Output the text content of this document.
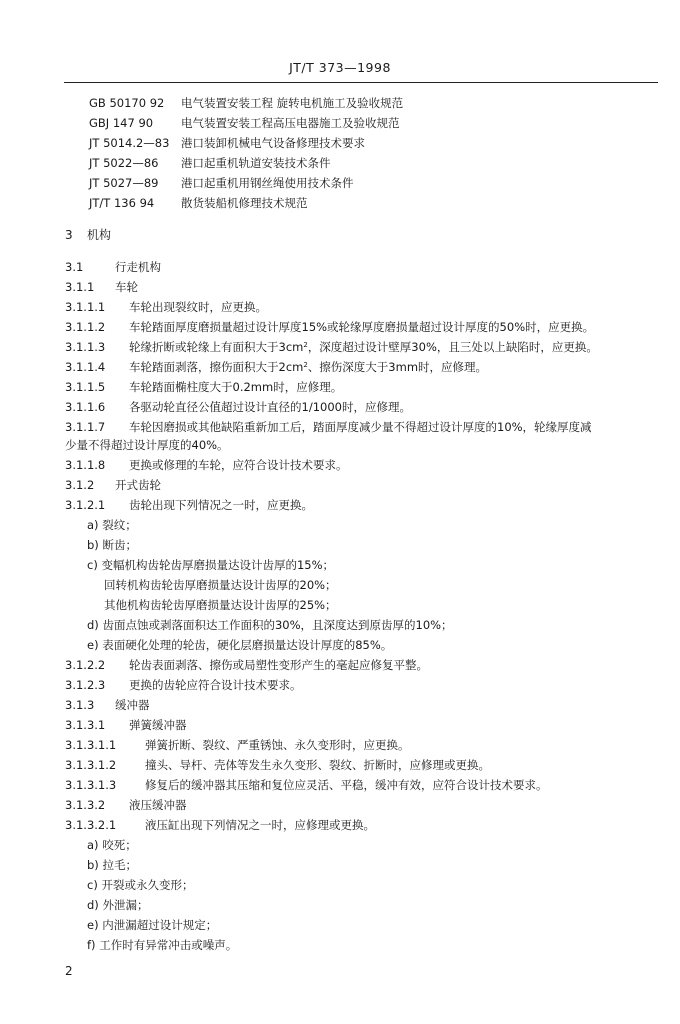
JT/T 373—1998
GB 50170 92 电气装置安装工程 旋转电机施工及验收规范
GBJ 147 90 电气装置安装工程高压电器施工及验收规范
JT 5014.2—83 港口装卸机械电气设备修理技术要求
JT 5022—86 港口起重机轨道安装技术条件
JT 5027—89 港口起重机用钢丝绳使用技术条件
JT/T 136 94 散货装船机修理技术规范
3 机构
3.1	行走机构
3.1.1 车轮
3.1.1.1 车轮出现裂纹时，应更换。
3.1.1.2 车轮踏面厚度磨损量超过设计厚度15%或轮缘厚度磨损量超过设计厚度的50%时，应更换。
3.1.1.3 轮缘折断或轮缘上有面积大于$3cm^2$，深度超过设计壁厚30%，且三处以上缺陷时，应更换。
3.1.1.4 车轮踏面剥落，擦伤面积大于$2cm^2$、擦伤深度大于3mm时，应修理。
3.1.1.5 车轮踏面椭柱度大于0.2mm时，应修理。
3.1.1.6 各驱动轮直径公值超过设计直径的1/1000时，应修理。
3.1.1.7 车轮因磨损或其他缺陷重新加工后，踏面厚度减少量不得超过设计厚度的10%，轮缘厚度减
少量不得超过设计厚度的40%。
3.1.1.8 更换或修理的车轮，应符合设计技术要求。
3.1.2 开式齿轮
3.1.2.1 齿轮出现下列情况之一时，应更换。
a) 裂纹；
b) 断齿；
c) 变幅机构齿轮齿厚磨损量达设计齿厚的15%；
回转机构齿轮齿厚磨损量达设计齿厚的20%；
其他机构齿轮齿厚磨损量达设计齿厚的25%；
d) 齿面点蚀或剥落面积达工作面积的30%，且深度达到原齿厚的10%；
e) 表面硬化处理的轮齿，硬化层磨损量达设计厚度的85%。
3.1.2.2 轮齿表面剥落、擦伤或局塑性变形产生的毫起应修复平整。
3.1.2.3 更换的齿轮应符合设计技术要求。
3.1.3 缓冲器
3.1.3.1 弹簧缓冲器
3.1.3.1.1	弹簧折断、裂纹、严重锈蚀、永久变形时，应更换。
3.1.3.1.2	撞头、导杆、壳体等发生永久变形、裂纹、折断时，应修理或更换。
3.1.3.1.3	修复后的缓冲器其压缩和复位应灵活、平稳，缓冲有效，应符合设计技术要求。
3.1.3.2 液压缓冲器
3.1.3.2.1	液压缸出现下列情况之一时，应修理或更换。
a) 咬死；
b) 拉毛；
c) 开裂或永久变形；
d) 外泄漏；
e) 内泄漏超过设计规定；
f) 工作时有异常冲击或噪声。
2
